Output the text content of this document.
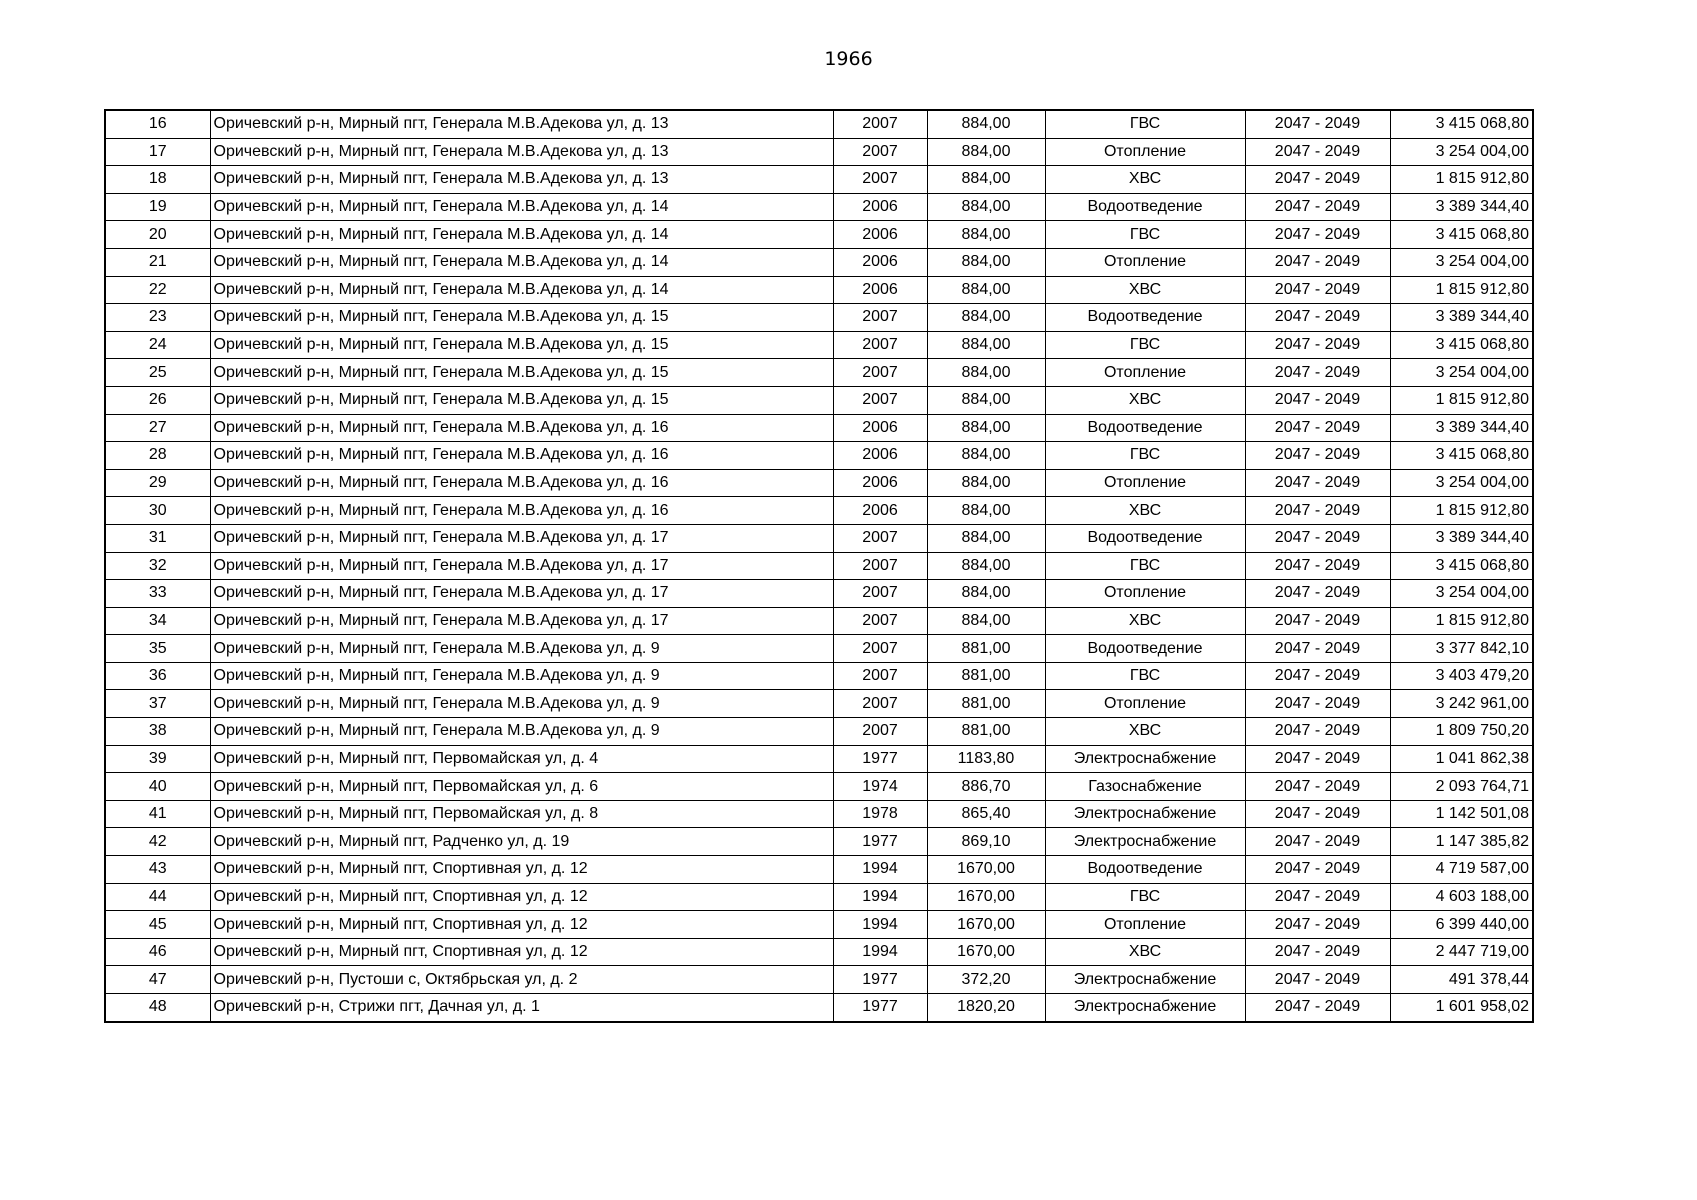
1966
16	Оричевский р-н, Мирный пгт, Генерала М.В.Адекова ул, д. 13	2007	884,00	ГВС	2047 - 2049	3 415 068,80
17	Оричевский р-н, Мирный пгт, Генерала М.В.Адекова ул, д. 13	2007	884,00	Отопление	2047 - 2049	3 254 004,00
18	Оричевский р-н, Мирный пгт, Генерала М.В.Адекова ул, д. 13	2007	884,00	ХВС	2047 - 2049	1 815 912,80
19	Оричевский р-н, Мирный пгт, Генерала М.В.Адекова ул, д. 14	2006	884,00	Водоотведение	2047 - 2049	3 389 344,40
20	Оричевский р-н, Мирный пгт, Генерала М.В.Адекова ул, д. 14	2006	884,00	ГВС	2047 - 2049	3 415 068,80
21	Оричевский р-н, Мирный пгт, Генерала М.В.Адекова ул, д. 14	2006	884,00	Отопление	2047 - 2049	3 254 004,00
22	Оричевский р-н, Мирный пгт, Генерала М.В.Адекова ул, д. 14	2006	884,00	ХВС	2047 - 2049	1 815 912,80
23	Оричевский р-н, Мирный пгт, Генерала М.В.Адекова ул, д. 15	2007	884,00	Водоотведение	2047 - 2049	3 389 344,40
24	Оричевский р-н, Мирный пгт, Генерала М.В.Адекова ул, д. 15	2007	884,00	ГВС	2047 - 2049	3 415 068,80
25	Оричевский р-н, Мирный пгт, Генерала М.В.Адекова ул, д. 15	2007	884,00	Отопление	2047 - 2049	3 254 004,00
26	Оричевский р-н, Мирный пгт, Генерала М.В.Адекова ул, д. 15	2007	884,00	ХВС	2047 - 2049	1 815 912,80
27	Оричевский р-н, Мирный пгт, Генерала М.В.Адекова ул, д. 16	2006	884,00	Водоотведение	2047 - 2049	3 389 344,40
28	Оричевский р-н, Мирный пгт, Генерала М.В.Адекова ул, д. 16	2006	884,00	ГВС	2047 - 2049	3 415 068,80
29	Оричевский р-н, Мирный пгт, Генерала М.В.Адекова ул, д. 16	2006	884,00	Отопление	2047 - 2049	3 254 004,00
30	Оричевский р-н, Мирный пгт, Генерала М.В.Адекова ул, д. 16	2006	884,00	ХВС	2047 - 2049	1 815 912,80
31	Оричевский р-н, Мирный пгт, Генерала М.В.Адекова ул, д. 17	2007	884,00	Водоотведение	2047 - 2049	3 389 344,40
32	Оричевский р-н, Мирный пгт, Генерала М.В.Адекова ул, д. 17	2007	884,00	ГВС	2047 - 2049	3 415 068,80
33	Оричевский р-н, Мирный пгт, Генерала М.В.Адекова ул, д. 17	2007	884,00	Отопление	2047 - 2049	3 254 004,00
34	Оричевский р-н, Мирный пгт, Генерала М.В.Адекова ул, д. 17	2007	884,00	ХВС	2047 - 2049	1 815 912,80
35	Оричевский р-н, Мирный пгт, Генерала М.В.Адекова ул, д. 9	2007	881,00	Водоотведение	2047 - 2049	3 377 842,10
36	Оричевский р-н, Мирный пгт, Генерала М.В.Адекова ул, д. 9	2007	881,00	ГВС	2047 - 2049	3 403 479,20
37	Оричевский р-н, Мирный пгт, Генерала М.В.Адекова ул, д. 9	2007	881,00	Отопление	2047 - 2049	3 242 961,00
38	Оричевский р-н, Мирный пгт, Генерала М.В.Адекова ул, д. 9	2007	881,00	ХВС	2047 - 2049	1 809 750,20
39	Оричевский р-н, Мирный пгт, Первомайская ул, д. 4	1977	1183,80	Электроснабжение	2047 - 2049	1 041 862,38
40	Оричевский р-н, Мирный пгт, Первомайская ул, д. 6	1974	886,70	Газоснабжение	2047 - 2049	2 093 764,71
41	Оричевский р-н, Мирный пгт, Первомайская ул, д. 8	1978	865,40	Электроснабжение	2047 - 2049	1 142 501,08
42	Оричевский р-н, Мирный пгт, Радченко ул, д. 19	1977	869,10	Электроснабжение	2047 - 2049	1 147 385,82
43	Оричевский р-н, Мирный пгт, Спортивная ул, д. 12	1994	1670,00	Водоотведение	2047 - 2049	4 719 587,00
44	Оричевский р-н, Мирный пгт, Спортивная ул, д. 12	1994	1670,00	ГВС	2047 - 2049	4 603 188,00
45	Оричевский р-н, Мирный пгт, Спортивная ул, д. 12	1994	1670,00	Отопление	2047 - 2049	6 399 440,00
46	Оричевский р-н, Мирный пгт, Спортивная ул, д. 12	1994	1670,00	ХВС	2047 - 2049	2 447 719,00
47	Оричевский р-н, Пустоши с, Октябрьская ул, д. 2	1977	372,20	Электроснабжение	2047 - 2049	491 378,44
48	Оричевский р-н, Стрижи пгт, Дачная ул, д. 1	1977	1820,20	Электроснабжение	2047 - 2049	1 601 958,02
